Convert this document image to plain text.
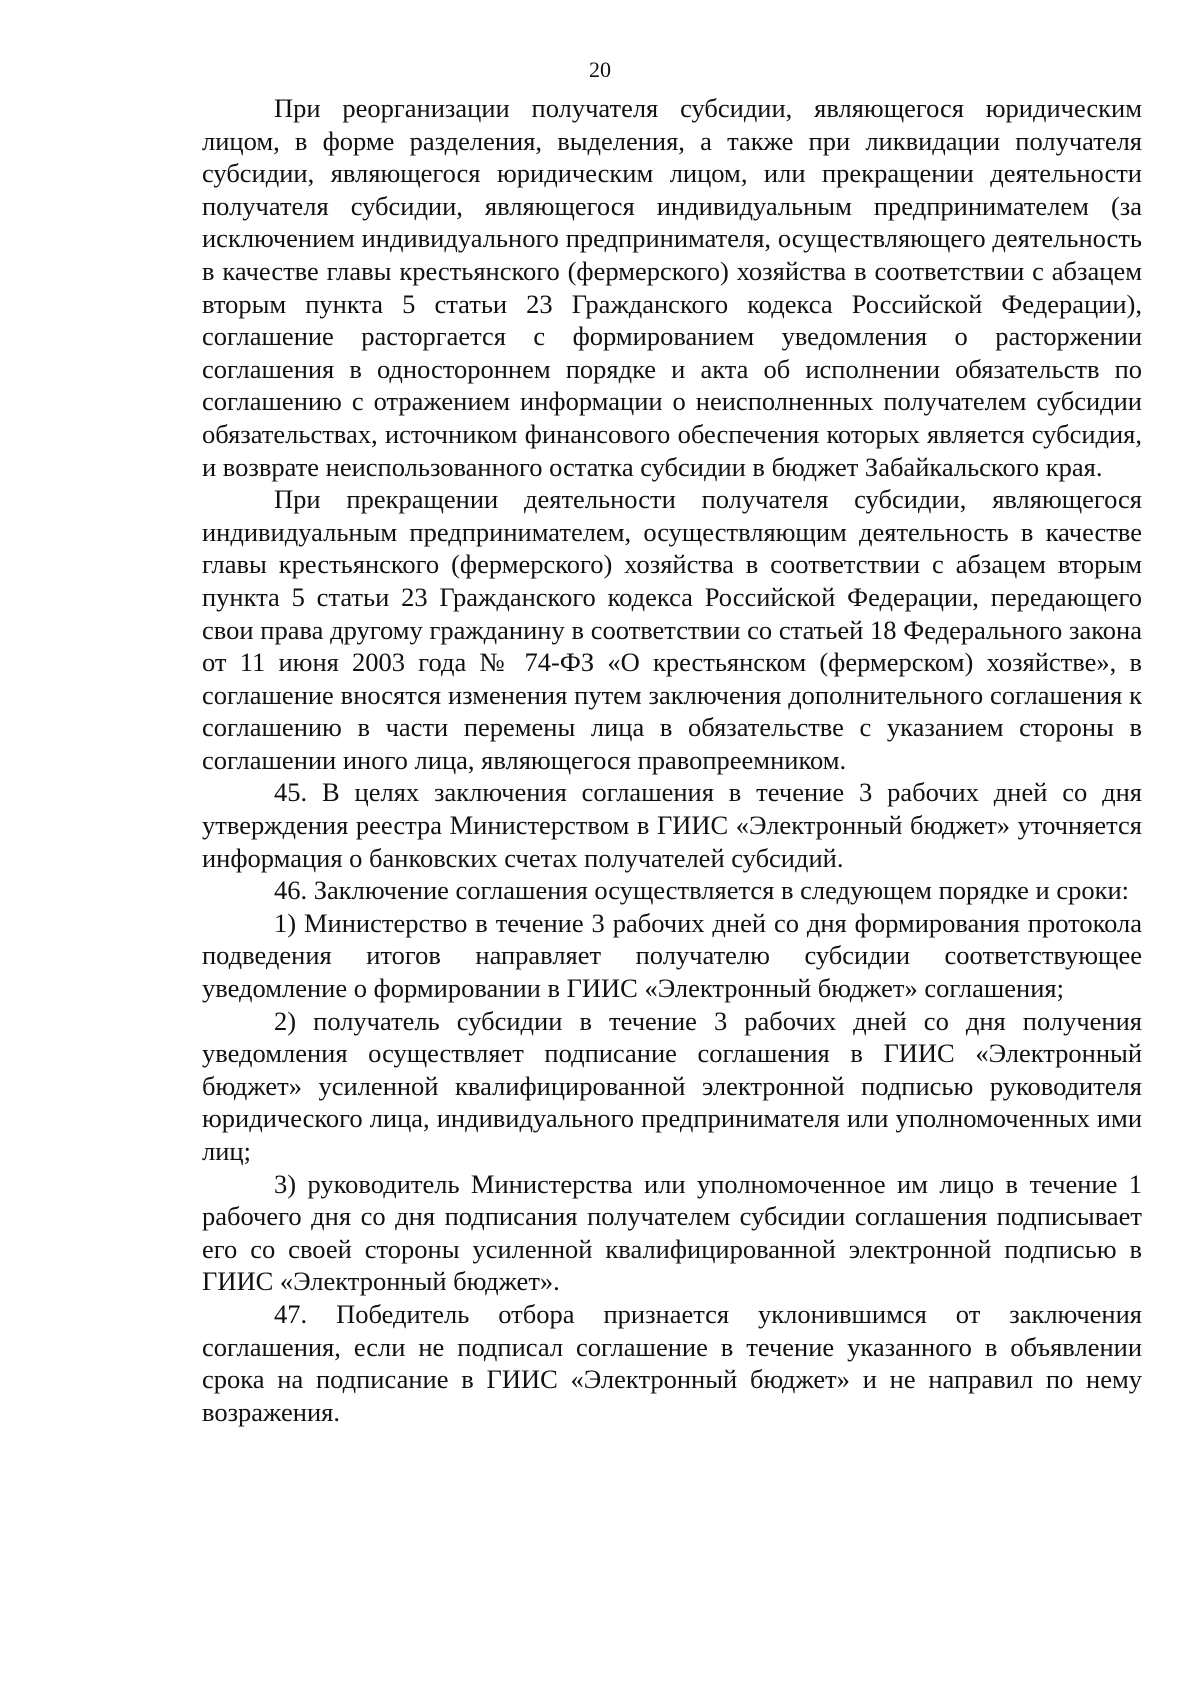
20

При реорганизации получателя субсидии, являющегося юридическим лицом, в форме разделения, выделения, а также при ликвидации получателя субсидии, являющегося юридическим лицом, или прекращении деятельности получателя субсидии, являющегося индивидуальным предпринимателем (за исключением индивидуального предпринимателя, осуществляющего деятельность в качестве главы крестьянского (фермерского) хозяйства в соответствии с абзацем вторым пункта 5 статьи 23 Гражданского кодекса Российской Федерации), соглашение расторгается с формированием уведомления о расторжении соглашения в одностороннем порядке и акта об исполнении обязательств по соглашению с отражением информации о неисполненных получателем субсидии обязательствах, источником финансового обеспечения которых является субсидия, и возврате неиспользованного остатка субсидии в бюджет Забайкальского края.

При прекращении деятельности получателя субсидии, являющегося индивидуальным предпринимателем, осуществляющим деятельность в качестве главы крестьянского (фермерского) хозяйства в соответствии с абзацем вторым пункта 5 статьи 23 Гражданского кодекса Российской Федерации, передающего свои права другому гражданину в соответствии со статьей 18 Федерального закона от 11 июня 2003 года № 74-ФЗ «О крестьянском (фермерском) хозяйстве», в соглашение вносятся изменения путем заключения дополнительного соглашения к соглашению в части перемены лица в обязательстве с указанием стороны в соглашении иного лица, являющегося правопреемником.

45. В целях заключения соглашения в течение 3 рабочих дней со дня утверждения реестра Министерством в ГИИС «Электронный бюджет» уточняется информация о банковских счетах получателей субсидий.

46. Заключение соглашения осуществляется в следующем порядке и сроки:

1) Министерство в течение 3 рабочих дней со дня формирования протокола подведения итогов направляет получателю субсидии соответствующее уведомление о формировании в ГИИС «Электронный бюджет» соглашения;

2) получатель субсидии в течение 3 рабочих дней со дня получения уведомления осуществляет подписание соглашения в ГИИС «Электронный бюджет» усиленной квалифицированной электронной подписью руководителя юридического лица, индивидуального предпринимателя или уполномоченных ими лиц;

3) руководитель Министерства или уполномоченное им лицо в течение 1 рабочего дня со дня подписания получателем субсидии соглашения подписывает его со своей стороны усиленной квалифицированной электронной подписью в ГИИС «Электронный бюджет».

47. Победитель отбора признается уклонившимся от заключения соглашения, если не подписал соглашение в течение указанного в объявлении срока на подписание в ГИИС «Электронный бюджет» и не направил по нему возражения.
